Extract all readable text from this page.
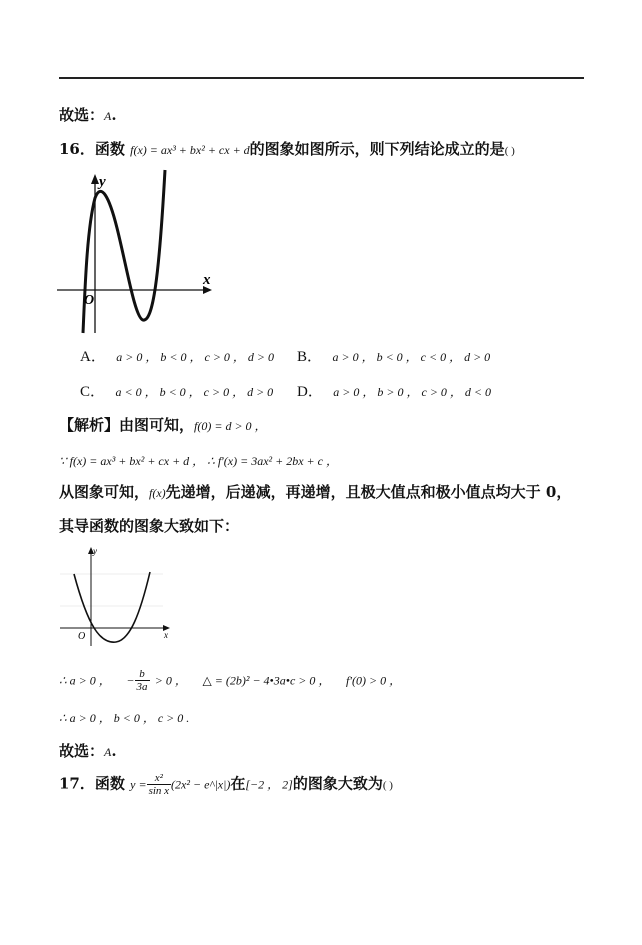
故选：A.
16．函数 f(x) = ax³ + bx² + cx + d的图象如图所示，则下列结论成立的是( )
y
x
O
A． a > 0 ， b < 0 ， c > 0 ， d > 0 B． a > 0 ， b < 0 ， c < 0 ， d > 0
C． a < 0 ， b < 0 ， c > 0 ， d > 0 D． a > 0 ， b > 0 ， c > 0 ， d < 0
【解析】由图可知，f(0) = d > 0 ，
∵ f(x) = ax³ + bx² + cx + d ， ∴ f′(x) = 3ax² + 2bx + c ，
从图象可知，f(x)先递增，后递减，再递增，且极大值点和极小值点均大于 0，
其导函数的图象大致如下：
y
x
O
∴ a > 0 ， − $\frac{b}{3a} > 0$ ， △ = (2b)² − 4•3a•c > 0 ， f′(0) > 0 ，
∴ a > 0 ， b < 0 ， c > 0 .
故选：A.
17．函数 $y = \frac{\text{x²}}{\text{sin x}} (2x^2$ − e^|x|)在[−2 ， 2]的图象大致为( )
